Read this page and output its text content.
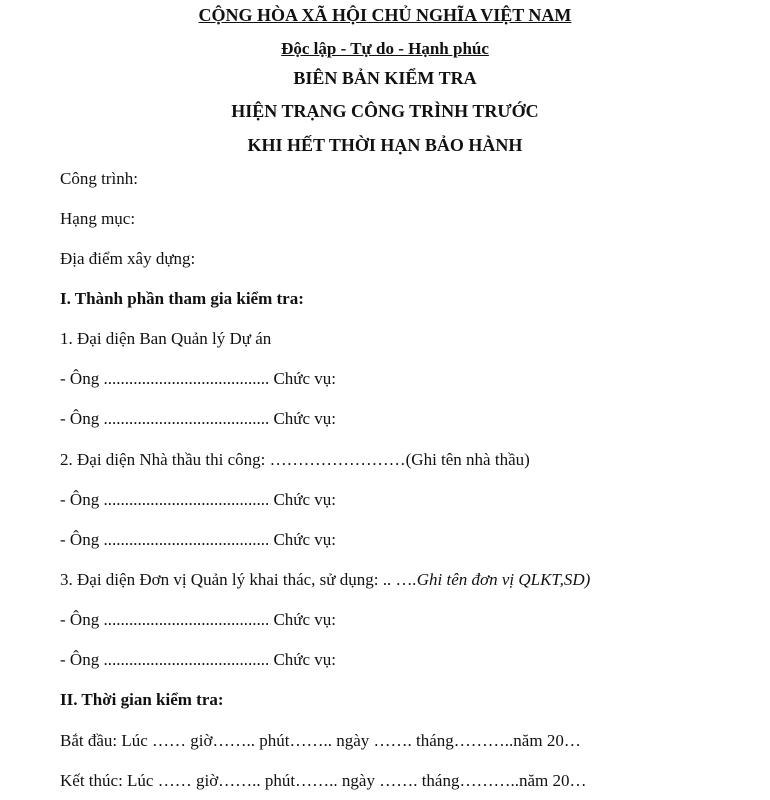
CỘNG HÒA XÃ HỘI CHỦ NGHĨA VIỆT NAM
Độc lập - Tự do - Hạnh phúc
BIÊN BẢN KIỂM TRA
HIỆN TRẠNG CÔNG TRÌNH TRƯỚC
KHI HẾT THỜI HẠN BẢO HÀNH
Công trình:
Hạng mục:
Địa điểm xây dựng:
I. Thành phần tham gia kiểm tra:
1. Đại diện Ban Quản lý Dự án
- Ông ....................................... Chức vụ:
- Ông ....................................... Chức vụ:
2. Đại diện Nhà thầu thi công: ……………………(Ghi tên nhà thầu)
- Ông ....................................... Chức vụ:
- Ông ....................................... Chức vụ:
3. Đại diện Đơn vị Quản lý khai thác, sử dụng: .. ….Ghi tên đơn vị QLKT,SD)
- Ông ....................................... Chức vụ:
- Ông ....................................... Chức vụ:
II. Thời gian kiểm tra:
Bắt đầu: Lúc …… giờ…….. phút…….. ngày ……. tháng………..năm 20…
Kết thúc: Lúc …… giờ…….. phút…….. ngày ……. tháng………..năm 20…
